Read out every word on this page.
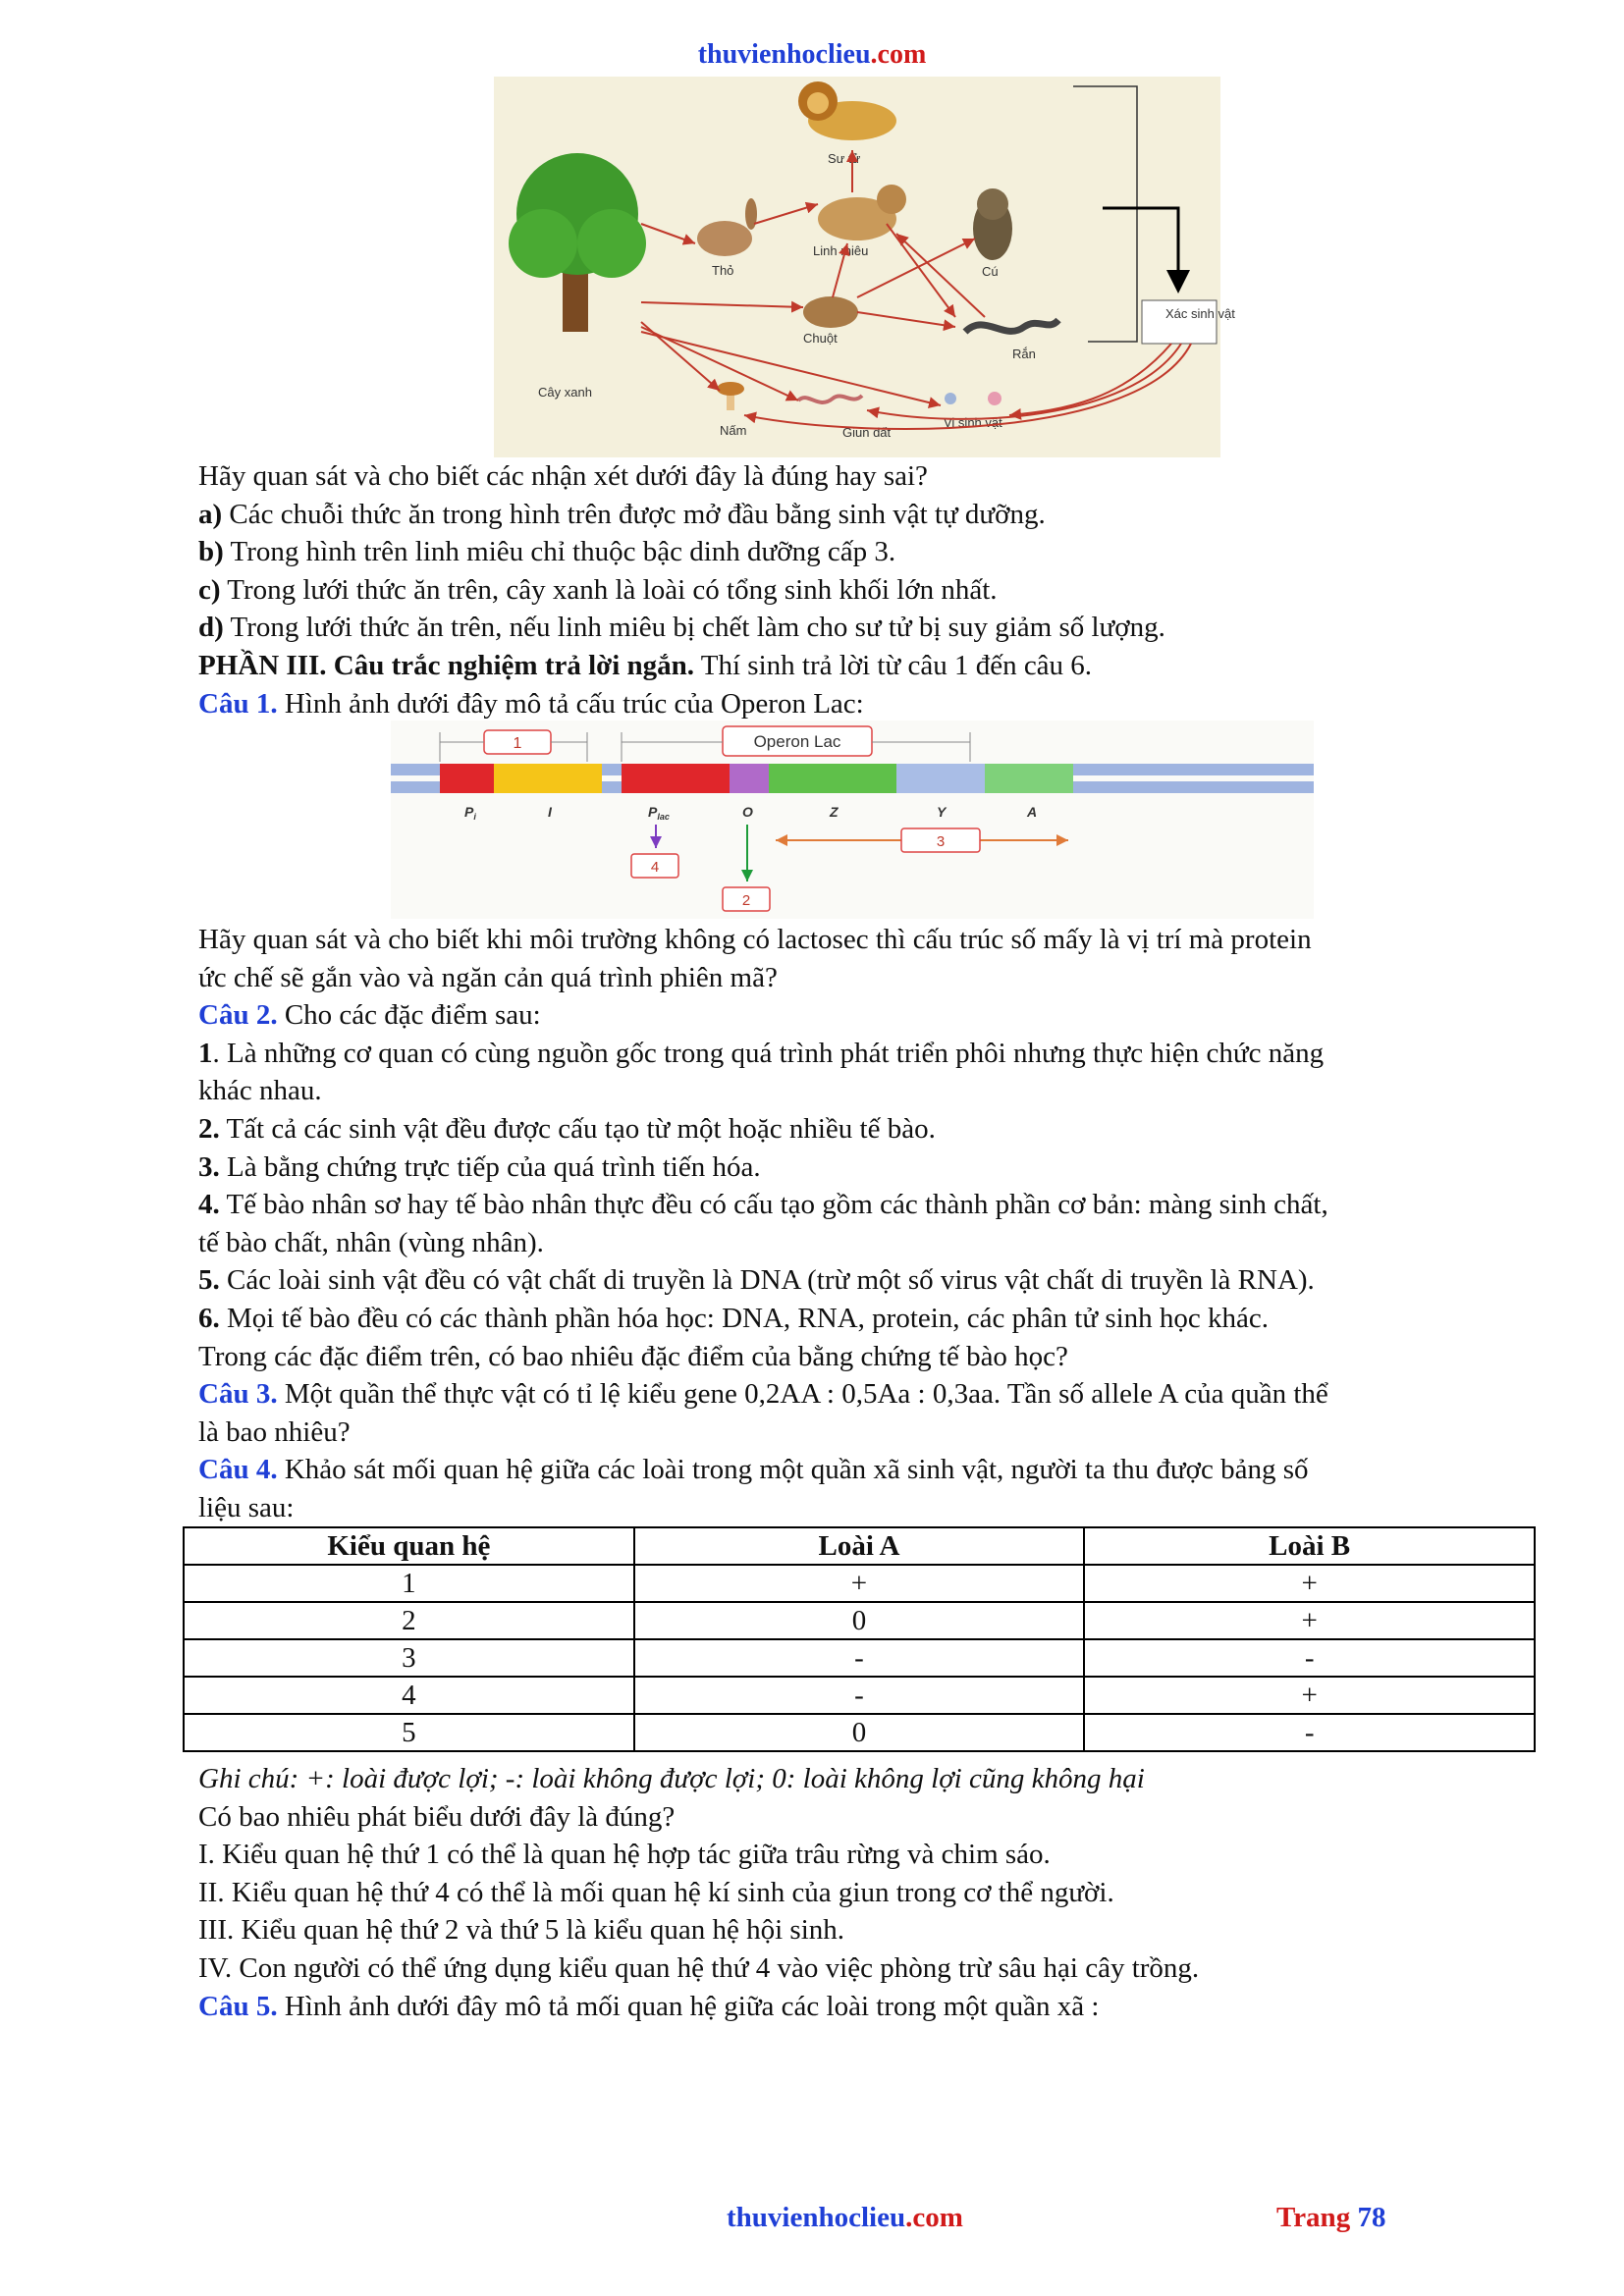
thuvienhoclieu.com
Cây xanh
Sư tử
Linh miêu
Thỏ	Cú
Chuột
Rắn
Nấm	Giun đất
Vi sinh vật
Xác sinh vật
Hãy quan sát và cho biết các nhận xét dưới đây là đúng hay sai?
a) Các chuỗi thức ăn trong hình trên được mở đầu bằng sinh vật tự dưỡng.
b) Trong hình trên linh miêu chỉ thuộc bậc dinh dưỡng cấp 3.
c) Trong lưới thức ăn trên, cây xanh là loài có tổng sinh khối lớn nhất.
d) Trong lưới thức ăn trên, nếu linh miêu bị chết làm cho sư tử bị suy giảm số lượng.
PHẦN III. Câu trắc nghiệm trả lời ngắn. Thí sinh trả lời từ câu 1 đến câu 6.
Câu 1. Hình ảnh dưới đây mô tả cấu trúc của Operon Lac:
1	Operon Lac
$P_i$	I	$P_{lac}$	O	Z	Y	A
4
2
3
Hãy quan sát và cho biết khi môi trường không có lactosec thì cấu trúc số mấy là vị trí mà protein
ức chế sẽ gắn vào và ngăn cản quá trình phiên mã?
Câu 2. Cho các đặc điểm sau:
1. Là những cơ quan có cùng nguồn gốc trong quá trình phát triển phôi nhưng thực hiện chức năng
khác nhau.
2. Tất cả các sinh vật đều được cấu tạo từ một hoặc nhiều tế bào.
3. Là bằng chứng trực tiếp của quá trình tiến hóa.
4. Tế bào nhân sơ hay tế bào nhân thực đều có cấu tạo gồm các thành phần cơ bản: màng sinh chất,
tế bào chất, nhân (vùng nhân).
5. Các loài sinh vật đều có vật chất di truyền là DNA (trừ một số virus vật chất di truyền là RNA).
6. Mọi tế bào đều có các thành phần hóa học: DNA, RNA, protein, các phân tử sinh học khác.
Trong các đặc điểm trên, có bao nhiêu đặc điểm của bằng chứng tế bào học?
Câu 3. Một quần thể thực vật có tỉ lệ kiểu gene 0,2AA : 0,5Aa : 0,3aa. Tần số allele A của quần thể
là bao nhiêu?
Câu 4. Khảo sát mối quan hệ giữa các loài trong một quần xã sinh vật, người ta thu được bảng số
liệu sau:
Kiểu quan hệ	Loài A	Loài B
1	+	+
2	0	+
3	-	-
4	-	+
5	0	-
Ghi chú: +: loài được lợi; -: loài không được lợi; 0: loài không lợi cũng không hại
Có bao nhiêu phát biểu dưới đây là đúng?
I. Kiểu quan hệ thứ 1 có thể là quan hệ hợp tác giữa trâu rừng và chim sáo.
II. Kiểu quan hệ thứ 4 có thể là mối quan hệ kí sinh của giun trong cơ thể người.
III. Kiểu quan hệ thứ 2 và thứ 5 là kiểu quan hệ hội sinh.
IV. Con người có thể ứng dụng kiểu quan hệ thứ 4 vào việc phòng trừ sâu hại cây trồng.
Câu 5. Hình ảnh dưới đây mô tả mối quan hệ giữa các loài trong một quần xã :
thuvienhoclieu.com	Trang 78
